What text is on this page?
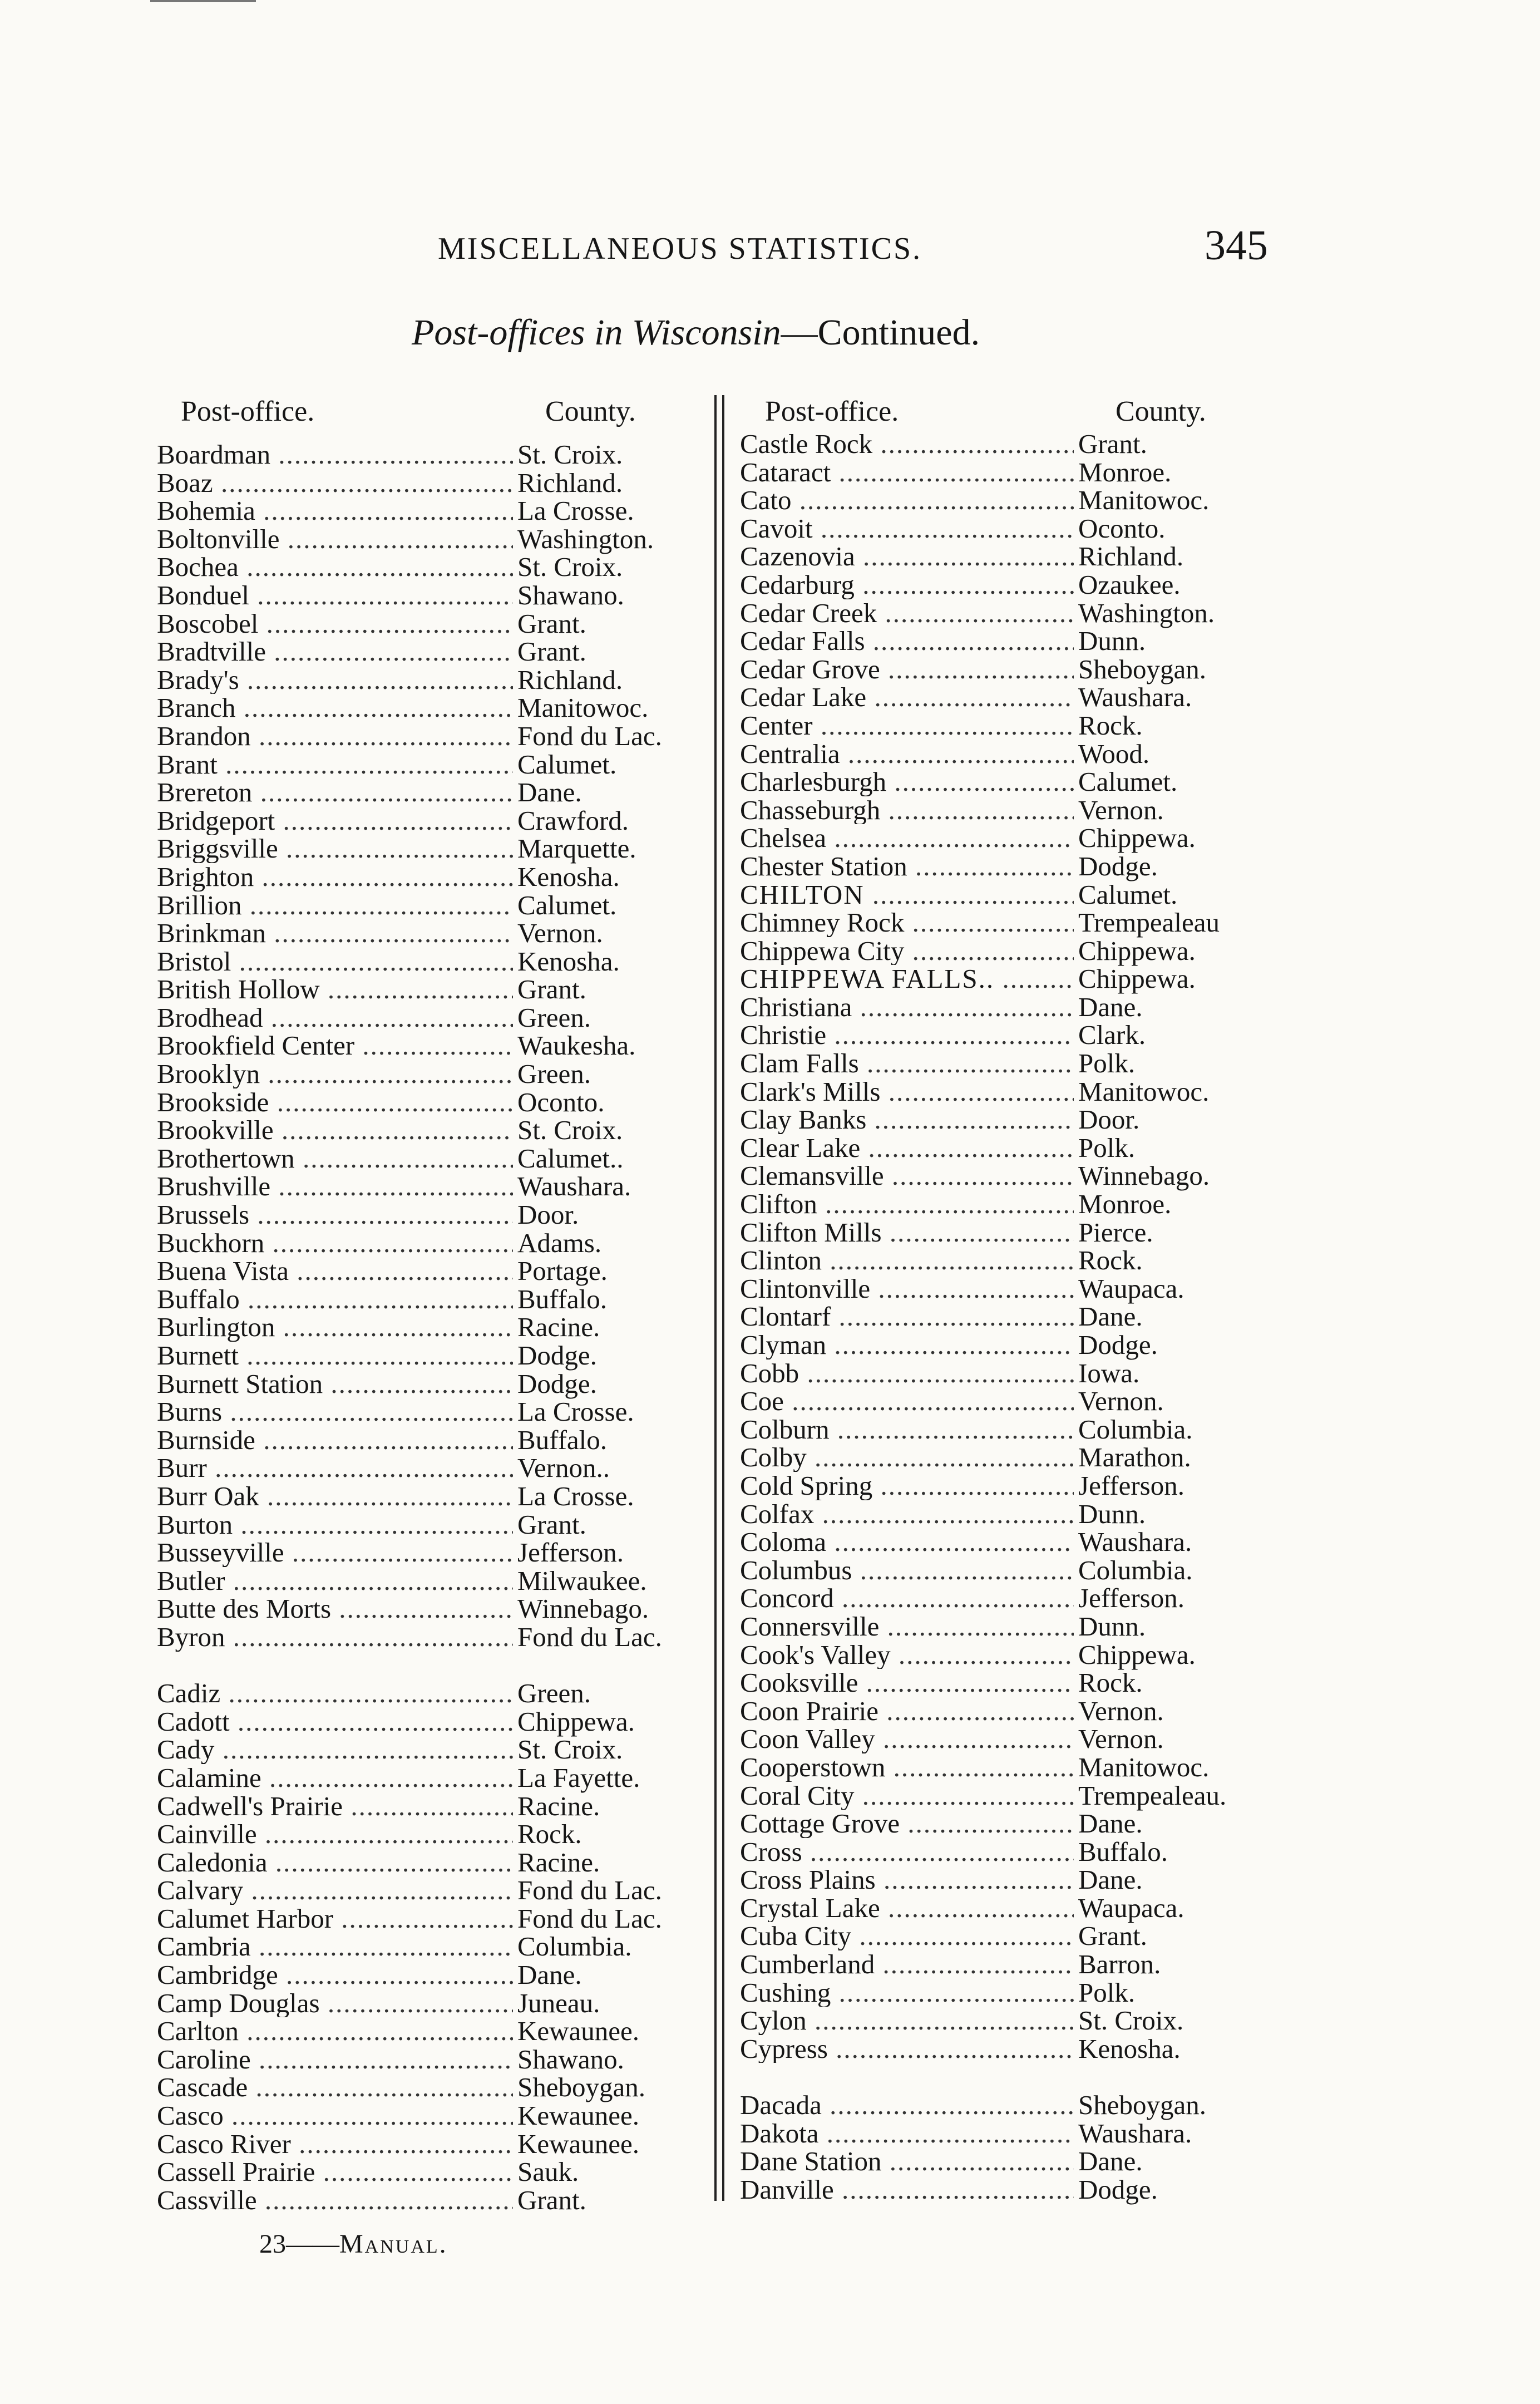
MISCELLANEOUS STATISTICS.	345
Post-offices in Wisconsin—Continued.
Post-office.	County.	Post-office.	County.
Boardman .....	St. Croix.
Boaz .....	Richland.
Bohemia .....	La Crosse.
Boltonville .....	Washington.
Bochea .....	St. Croix.
Bonduel .....	Shawano.
Boscobel .....	Grant.
Bradtville .....	Grant.
Brady's .....	Richland.
Branch .....	Manitowoc.
Brandon .....	Fond du Lac.
Brant .....	Calumet.
Brereton .....	Dane.
Bridgeport .....	Crawford.
Briggsville .....	Marquette.
Brighton .....	Kenosha.
Brillion .....	Calumet.
Brinkman .....	Vernon.
Bristol .....	Kenosha.
British Hollow .....	Grant.
Brodhead .....	Green.
Brookfield Center .....	Waukesha.
Brooklyn .....	Green.
Brookside .....	Oconto.
Brookville .....	St. Croix.
Brothertown .....	Calumet..
Brushville .....	Waushara.
Brussels .....	Door.
Buckhorn .....	Adams.
Buena Vista .....	Portage.
Buffalo .....	Buffalo.
Burlington .....	Racine.
Burnett .....	Dodge.
Burnett Station .....	Dodge.
Burns .....	La Crosse.
Burnside .....	Buffalo.
Burr .....	Vernon..
Burr Oak .....	La Crosse.
Burton .....	Grant.
Busseyville .....	Jefferson.
Butler .....	Milwaukee.
Butte des Morts .....	Winnebago.
Byron .....	Fond du Lac.
Cadiz .....	Green.
Cadott .....	Chippewa.
Cady .....	St. Croix.
Calamine .....	La Fayette.
Cadwell's Prairie .....	Racine.
Cainville .....	Rock.
Caledonia .....	Racine.
Calvary .....	Fond du Lac.
Calumet Harbor .....	Fond du Lac.
Cambria .....	Columbia.
Cambridge .....	Dane.
Camp Douglas .....	Juneau.
Carlton .....	Kewaunee.
Caroline .....	Shawano.
Cascade .....	Sheboygan.
Casco .....	Kewaunee.
Casco River .....	Kewaunee.
Cassell Prairie .....	Sauk.
Cassville .....	Grant.
Castle Rock .....	Grant.
Cataract .....	Monroe.
Cato .....	Manitowoc.
Cavoit .....	Oconto.
Cazenovia .....	Richland.
Cedarburg .....	Ozaukee.
Cedar Creek .....	Washington.
Cedar Falls .....	Dunn.
Cedar Grove .....	Sheboygan.
Cedar Lake .....	Waushara.
Center .....	Rock.
Centralia .....	Wood.
Charlesburgh .....	Calumet.
Chasseburgh .....	Vernon.
Chelsea .....	Chippewa.
Chester Station .....	Dodge.
CHILTON .....	Calumet.
Chimney Rock .....	Trempealeau
Chippewa City .....	Chippewa.
CHIPPEWA FALLS.. .....	Chippewa.
Christiana .....	Dane.
Christie .....	Clark.
Clam Falls .....	Polk.
Clark's Mills .....	Manitowoc.
Clay Banks .....	Door.
Clear Lake .....	Polk.
Clemansville .....	Winnebago.
Clifton .....	Monroe.
Clifton Mills .....	Pierce.
Clinton .....	Rock.
Clintonville .....	Waupaca.
Clontarf .....	Dane.
Clyman .....	Dodge.
Cobb .....	Iowa.
Coe .....	Vernon.
Colburn .....	Columbia.
Colby .....	Marathon.
Cold Spring .....	Jefferson.
Colfax .....	Dunn.
Coloma .....	Waushara.
Columbus .....	Columbia.
Concord .....	Jefferson.
Connersville .....	Dunn.
Cook's Valley .....	Chippewa.
Cooksville .....	Rock.
Coon Prairie .....	Vernon.
Coon Valley .....	Vernon.
Cooperstown .....	Manitowoc.
Coral City .....	Trempealeau.
Cottage Grove .....	Dane.
Cross .....	Buffalo.
Cross Plains .....	Dane.
Crystal Lake .....	Waupaca.
Cuba City .....	Grant.
Cumberland .....	Barron.
Cushing .....	Polk.
Cylon .....	St. Croix.
Cypress .....	Kenosha.
Dacada .....	Sheboygan.
Dakota .....	Waushara.
Dane Station .....	Dane.
Danville .....	Dodge.
23——Manual.
